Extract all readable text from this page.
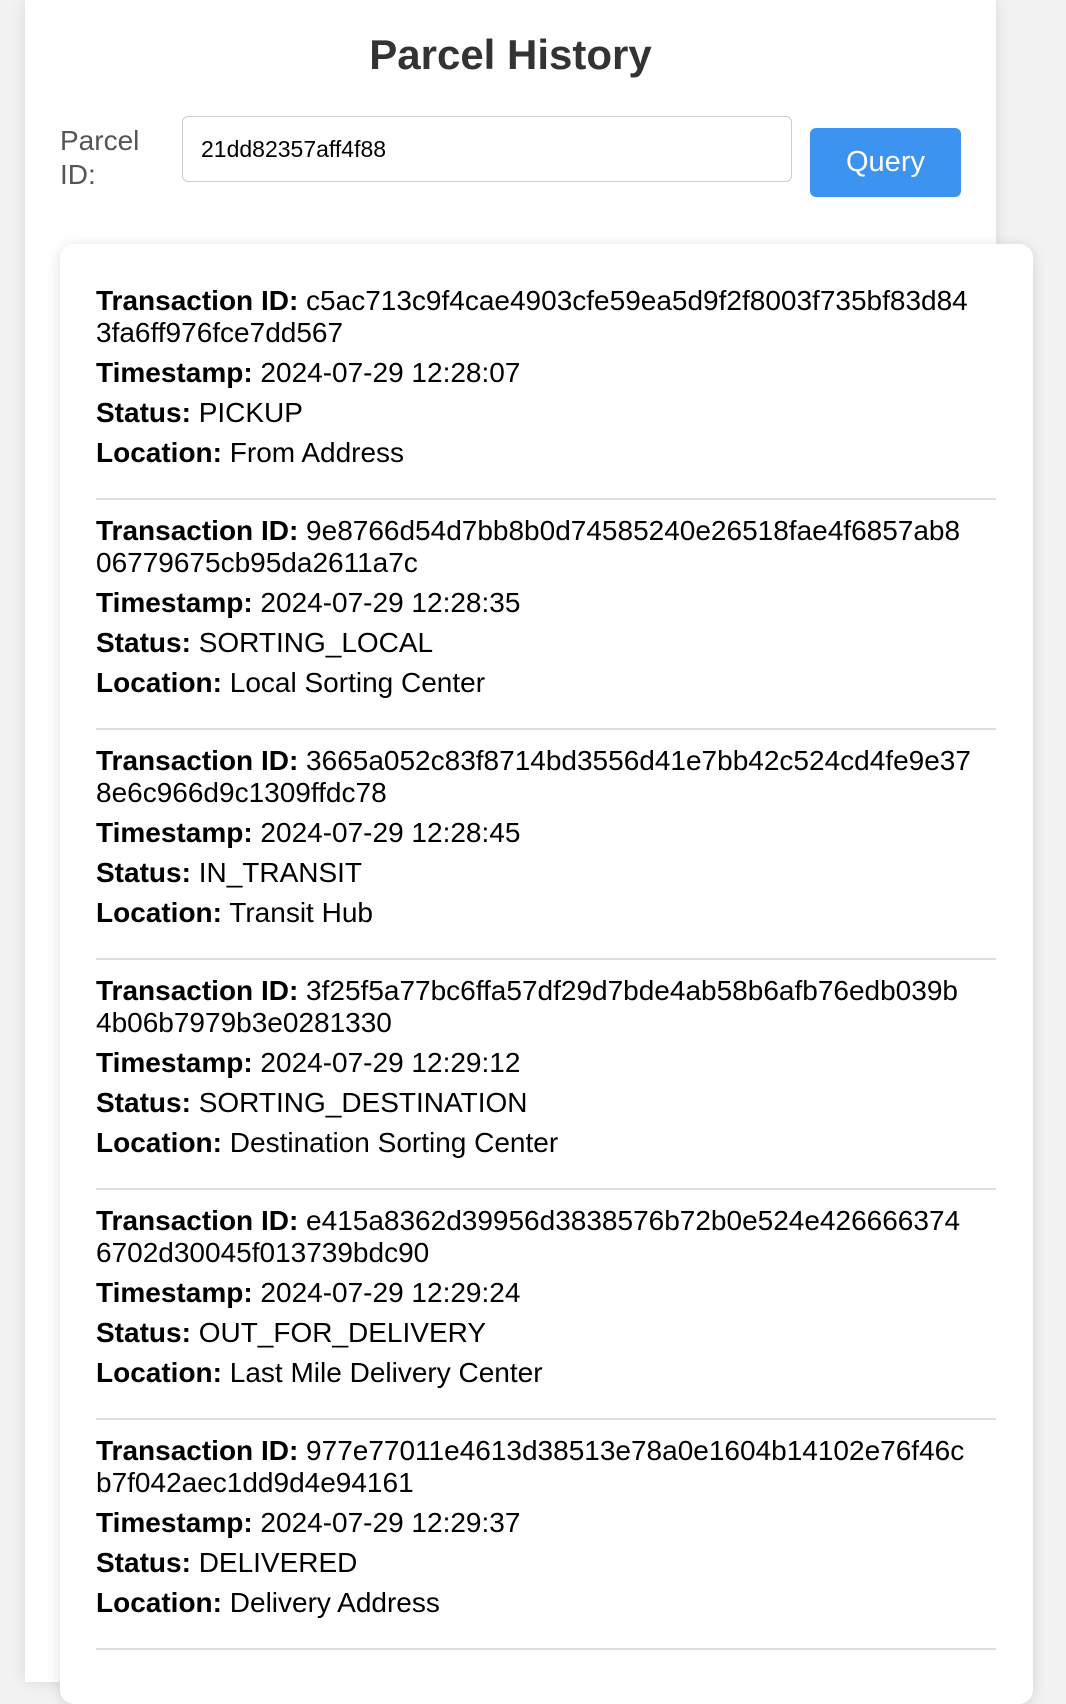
Parcel History
Parcel ID:
21dd82357aff4f88	Query
Transaction ID: c5ac713c9f4cae4903cfe59ea5d9f2f8003f735bf83d84
3fa6ff976fce7dd567
Timestamp: 2024-07-29 12:28:07
Status: PICKUP
Location: From Address
Transaction ID: 9e8766d54d7bb8b0d74585240e26518fae4f6857ab8
06779675cb95da2611a7c
Timestamp: 2024-07-29 12:28:35
Status: SORTING_LOCAL
Location: Local Sorting Center
Transaction ID: 3665a052c83f8714bd3556d41e7bb42c524cd4fe9e37
8e6c966d9c1309ffdc78
Timestamp: 2024-07-29 12:28:45
Status: IN_TRANSIT
Location: Transit Hub
Transaction ID: 3f25f5a77bc6ffa57df29d7bde4ab58b6afb76edb039b
4b06b7979b3e0281330
Timestamp: 2024-07-29 12:29:12
Status: SORTING_DESTINATION
Location: Destination Sorting Center
Transaction ID: e415a8362d39956d3838576b72b0e524e426666374
6702d30045f013739bdc90
Timestamp: 2024-07-29 12:29:24
Status: OUT_FOR_DELIVERY
Location: Last Mile Delivery Center
Transaction ID: 977e77011e4613d38513e78a0e1604b14102e76f46c
b7f042aec1dd9d4e94161
Timestamp: 2024-07-29 12:29:37
Status: DELIVERED
Location: Delivery Address
